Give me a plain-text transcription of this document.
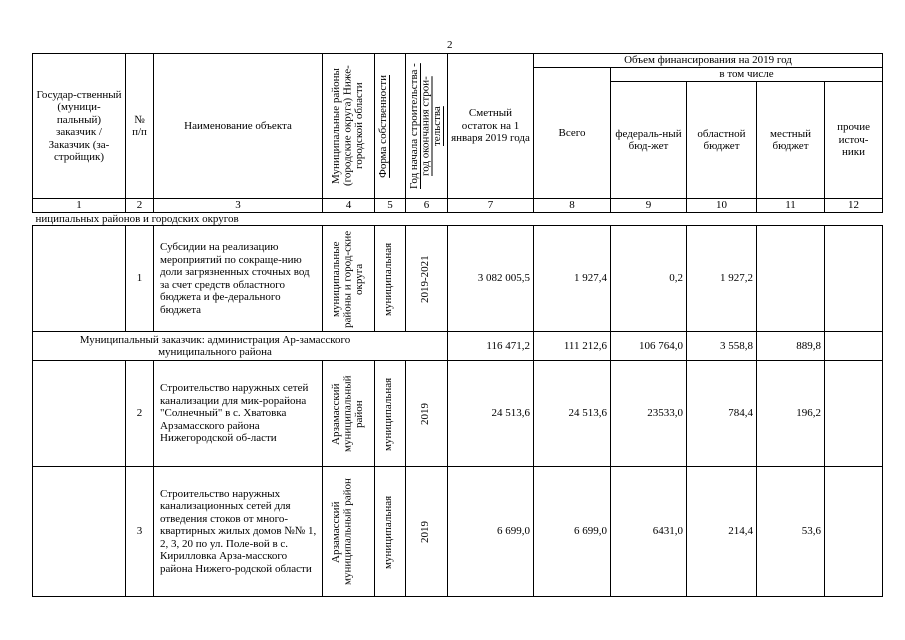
2
Государ-ственный (муници-пальный) заказчик / Заказчик (за-стройщик)	№ п/п	Наименование объекта	Муниципальные районы (городские округа) Ниже-городской области	Форма собственности	Год начала строительства - год окончания строи-тельства	Сметный остаток на 1 января 2019 года	Объем финансирования на 2019 год				
							Всего	в том числе			
								федераль-ный бюд-жет	областной бюджет	местный бюджет	прочие источ-ники
1	2	3	4	5	6	7	8	9	10	11	12
ниципальных районов и городских округов											
	1	Субсидии на реализацию мероприятий по сокраще-нию доли загрязненных сточных вод за счет средств областного бюджета и фе-дерального бюджета	муниципальные районы и город-ские округа	муниципальная	2019-2021	3 082 005,5	1 927,4	0,2	1 927,2		
Муниципальный заказчик: администрация Ар-замасского муниципального района						116 471,2	111 212,6	106 764,0	3 558,8	889,8	
	2	Строительство наружных сетей канализации для мик-рорайона "Солнечный" в с. Хватовка Арзамасского района Нижегородской об-ласти	Арзамасский муниципальный район	муниципальная	2019	24 513,6	24 513,6	23533,0	784,4	196,2	
	3	Строительство наружных канализационных сетей для отведения стоков от много-квартирных жилых домов №№ 1, 2, 3, 20 по ул. Поле-вой в с. Кирилловка Арза-масского района Нижего-родской области	Арзамасский муниципальный район	муниципальная	2019	6 699,0	6 699,0	6431,0	214,4	53,6	
